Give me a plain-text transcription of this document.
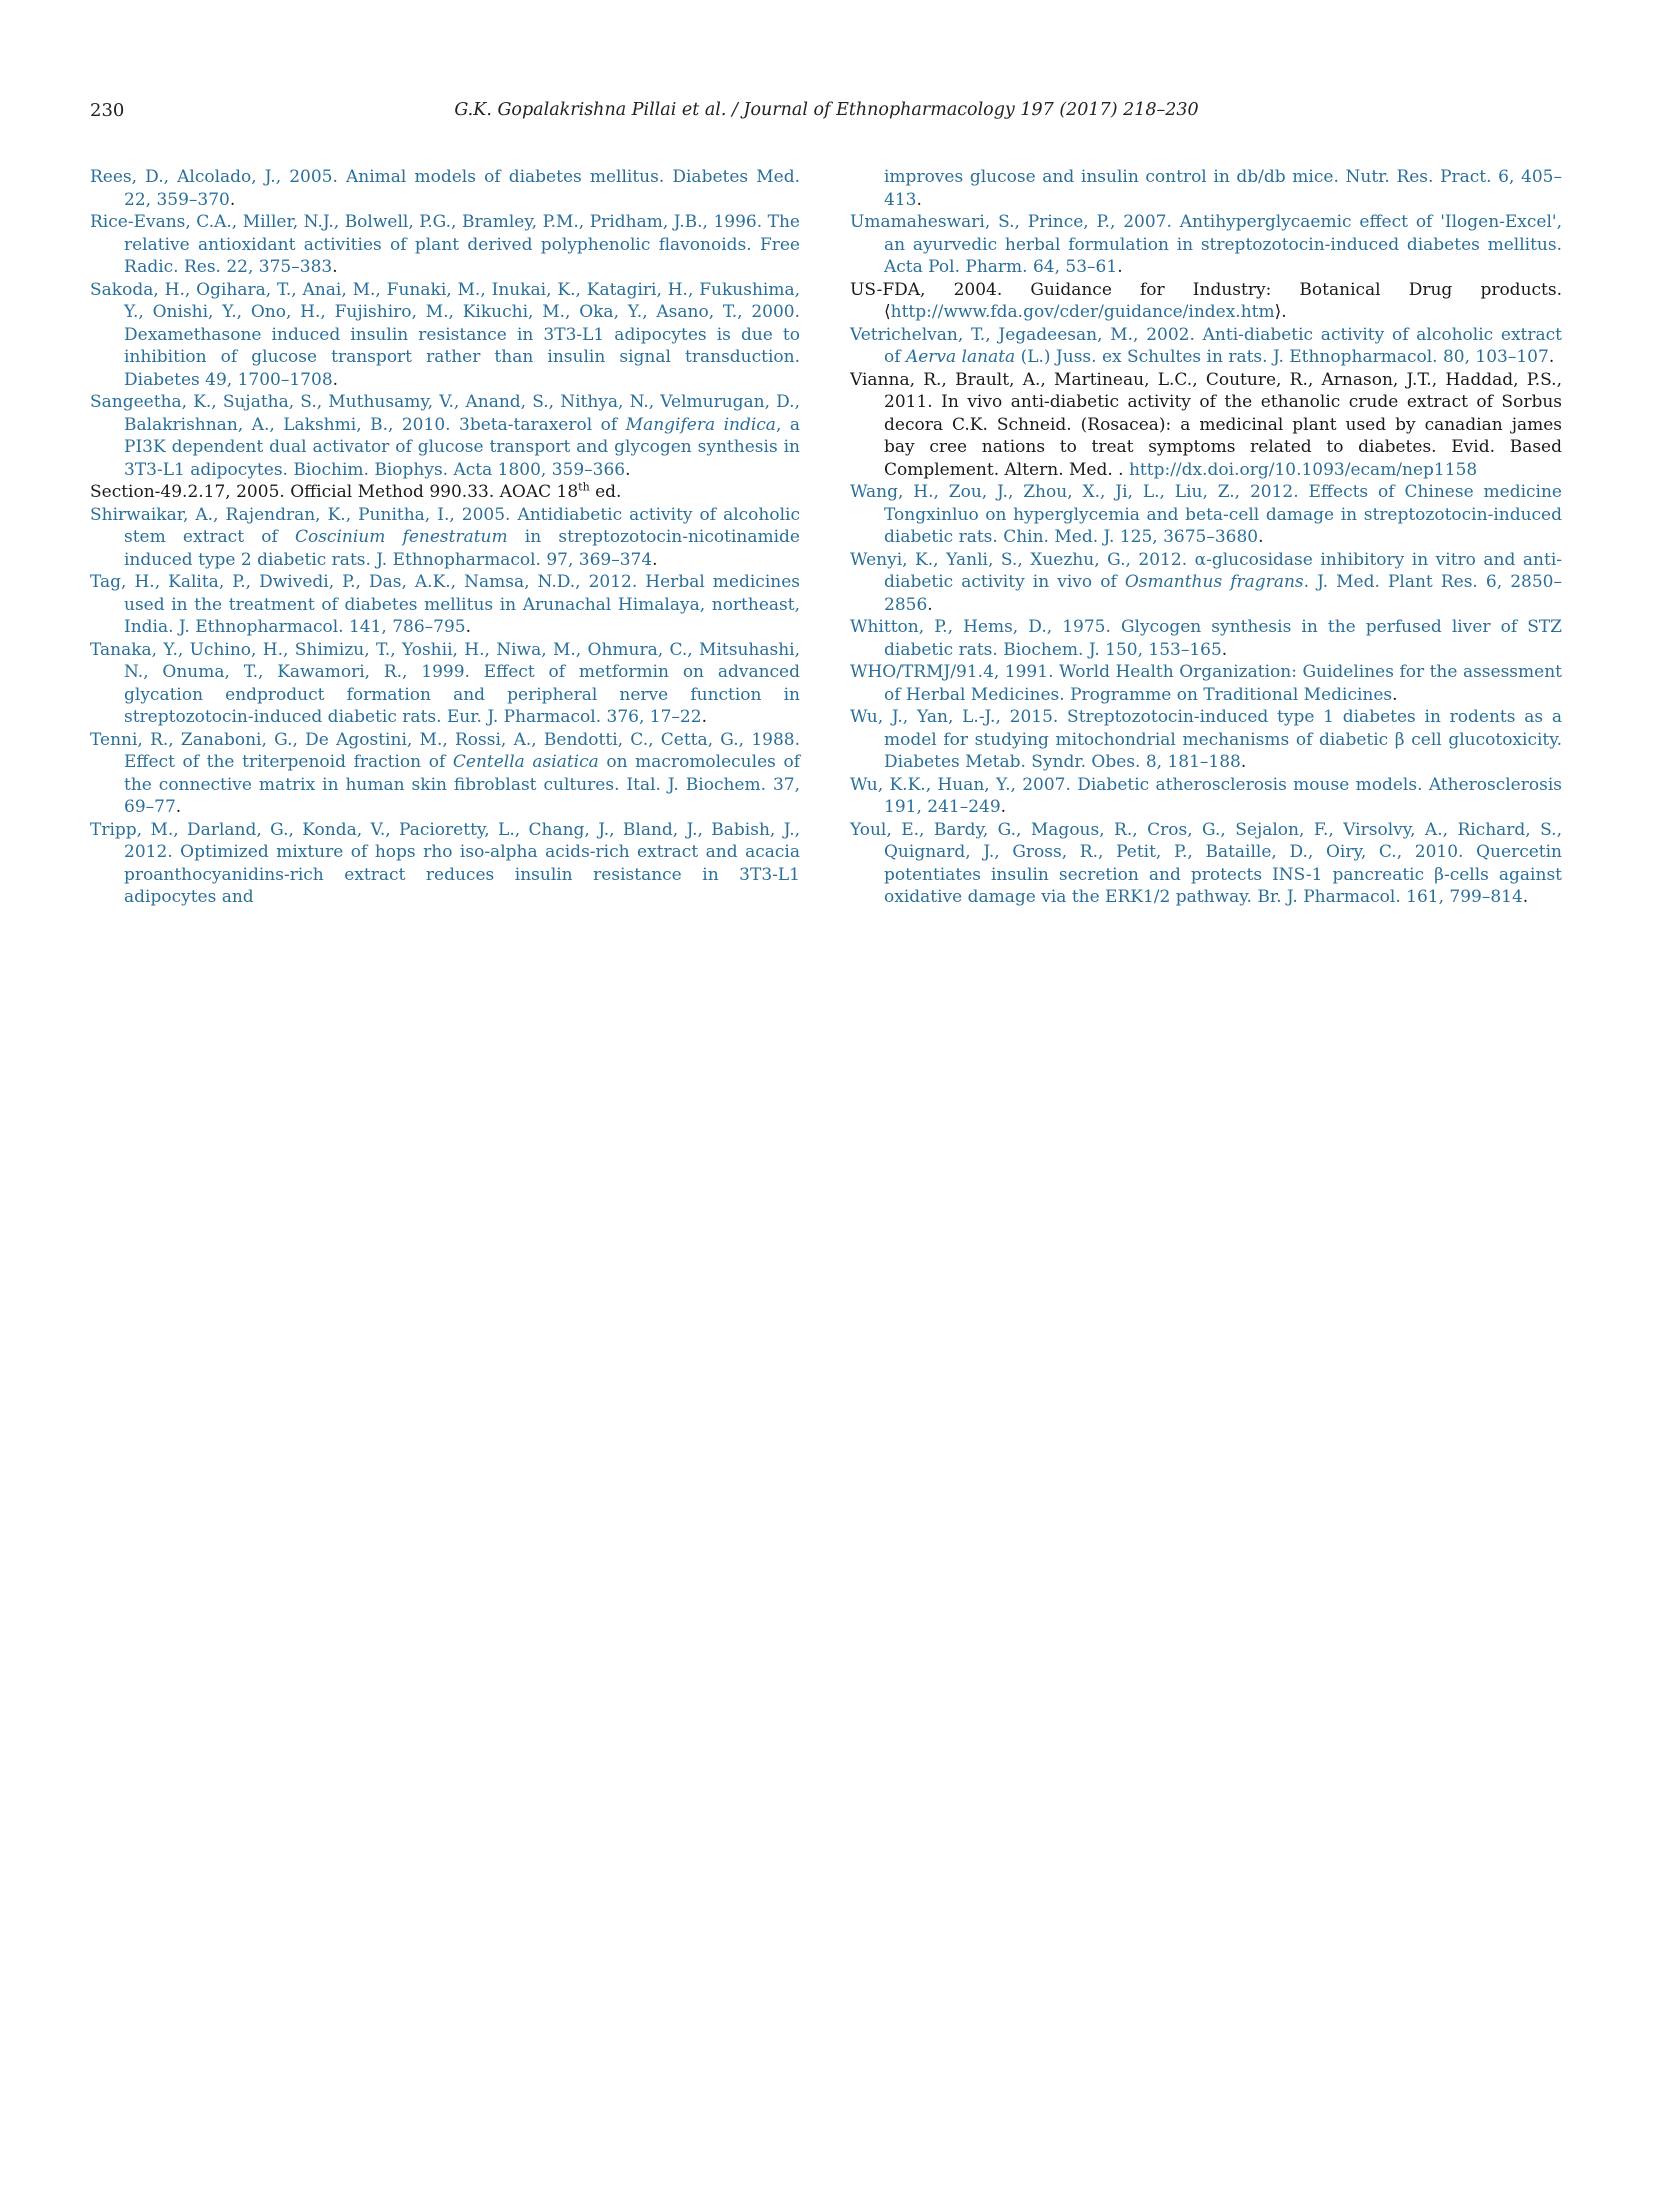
230	G.K. Gopalakrishna Pillai et al. / Journal of Ethnopharmacology 197 (2017) 218–230

Rees, D., Alcolado, J., 2005. Animal models of diabetes mellitus. Diabetes Med. 22, 359–370.

Rice-Evans, C.A., Miller, N.J., Bolwell, P.G., Bramley, P.M., Pridham, J.B., 1996. The relative antioxidant activities of plant derived polyphenolic flavonoids. Free Radic. Res. 22, 375–383.

Sakoda, H., Ogihara, T., Anai, M., Funaki, M., Inukai, K., Katagiri, H., Fukushima, Y., Onishi, Y., Ono, H., Fujishiro, M., Kikuchi, M., Oka, Y., Asano, T., 2000. Dexamethasone induced insulin resistance in 3T3-L1 adipocytes is due to inhibition of glucose transport rather than insulin signal transduction. Diabetes 49, 1700–1708.

Sangeetha, K., Sujatha, S., Muthusamy, V., Anand, S., Nithya, N., Velmurugan, D., Balakrishnan, A., Lakshmi, B., 2010. 3beta-taraxerol of Mangifera indica, a PI3K dependent dual activator of glucose transport and glycogen synthesis in 3T3-L1 adipocytes. Biochim. Biophys. Acta 1800, 359–366.

Section-49.2.17, 2005. Official Method 990.33. AOAC 18th ed.

Shirwaikar, A., Rajendran, K., Punitha, I., 2005. Antidiabetic activity of alcoholic stem extract of Coscinium fenestratum in streptozotocin-nicotinamide induced type 2 diabetic rats. J. Ethnopharmacol. 97, 369–374.

Tag, H., Kalita, P., Dwivedi, P., Das, A.K., Namsa, N.D., 2012. Herbal medicines used in the treatment of diabetes mellitus in Arunachal Himalaya, northeast, India. J. Ethnopharmacol. 141, 786–795.

Tanaka, Y., Uchino, H., Shimizu, T., Yoshii, H., Niwa, M., Ohmura, C., Mitsuhashi, N., Onuma, T., Kawamori, R., 1999. Effect of metformin on advanced glycation endproduct formation and peripheral nerve function in streptozotocin-induced diabetic rats. Eur. J. Pharmacol. 376, 17–22.

Tenni, R., Zanaboni, G., De Agostini, M., Rossi, A., Bendotti, C., Cetta, G., 1988. Effect of the triterpenoid fraction of Centella asiatica on macromolecules of the connective matrix in human skin fibroblast cultures. Ital. J. Biochem. 37, 69–77.

Tripp, M., Darland, G., Konda, V., Pacioretty, L., Chang, J., Bland, J., Babish, J., 2012. Optimized mixture of hops rho iso-alpha acids-rich extract and acacia proanthocyanidins-rich extract reduces insulin resistance in 3T3-L1 adipocytes and

improves glucose and insulin control in db/db mice. Nutr. Res. Pract. 6, 405–413.

Umamaheswari, S., Prince, P., 2007. Antihyperglycaemic effect of 'Ilogen-Excel', an ayurvedic herbal formulation in streptozotocin-induced diabetes mellitus. Acta Pol. Pharm. 64, 53–61.

US-FDA, 2004. Guidance for Industry: Botanical Drug products. ⟨http://www.fda.gov/cder/guidance/index.htm⟩.

Vetrichelvan, T., Jegadeesan, M., 2002. Anti-diabetic activity of alcoholic extract of Aerva lanata (L.) Juss. ex Schultes in rats. J. Ethnopharmacol. 80, 103–107.

Vianna, R., Brault, A., Martineau, L.C., Couture, R., Arnason, J.T., Haddad, P.S., 2011. In vivo anti-diabetic activity of the ethanolic crude extract of Sorbus decora C.K. Schneid. (Rosacea): a medicinal plant used by canadian james bay cree nations to treat symptoms related to diabetes. Evid. Based Complement. Altern. Med. . http://dx.doi.org/10.1093/ecam/nep1158

Wang, H., Zou, J., Zhou, X., Ji, L., Liu, Z., 2012. Effects of Chinese medicine Tongxinluo on hyperglycemia and beta-cell damage in streptozotocin-induced diabetic rats. Chin. Med. J. 125, 3675–3680.

Wenyi, K., Yanli, S., Xuezhu, G., 2012. α-glucosidase inhibitory in vitro and anti-diabetic activity in vivo of Osmanthus fragrans. J. Med. Plant Res. 6, 2850–2856.

Whitton, P., Hems, D., 1975. Glycogen synthesis in the perfused liver of STZ diabetic rats. Biochem. J. 150, 153–165.

WHO/TRMJ/91.4, 1991. World Health Organization: Guidelines for the assessment of Herbal Medicines. Programme on Traditional Medicines.

Wu, J., Yan, L.-J., 2015. Streptozotocin-induced type 1 diabetes in rodents as a model for studying mitochondrial mechanisms of diabetic β cell glucotoxicity. Diabetes Metab. Syndr. Obes. 8, 181–188.

Wu, K.K., Huan, Y., 2007. Diabetic atherosclerosis mouse models. Atherosclerosis 191, 241–249.

Youl, E., Bardy, G., Magous, R., Cros, G., Sejalon, F., Virsolvy, A., Richard, S., Quignard, J., Gross, R., Petit, P., Bataille, D., Oiry, C., 2010. Quercetin potentiates insulin secretion and protects INS-1 pancreatic β-cells against oxidative damage via the ERK1/2 pathway. Br. J. Pharmacol. 161, 799–814.
